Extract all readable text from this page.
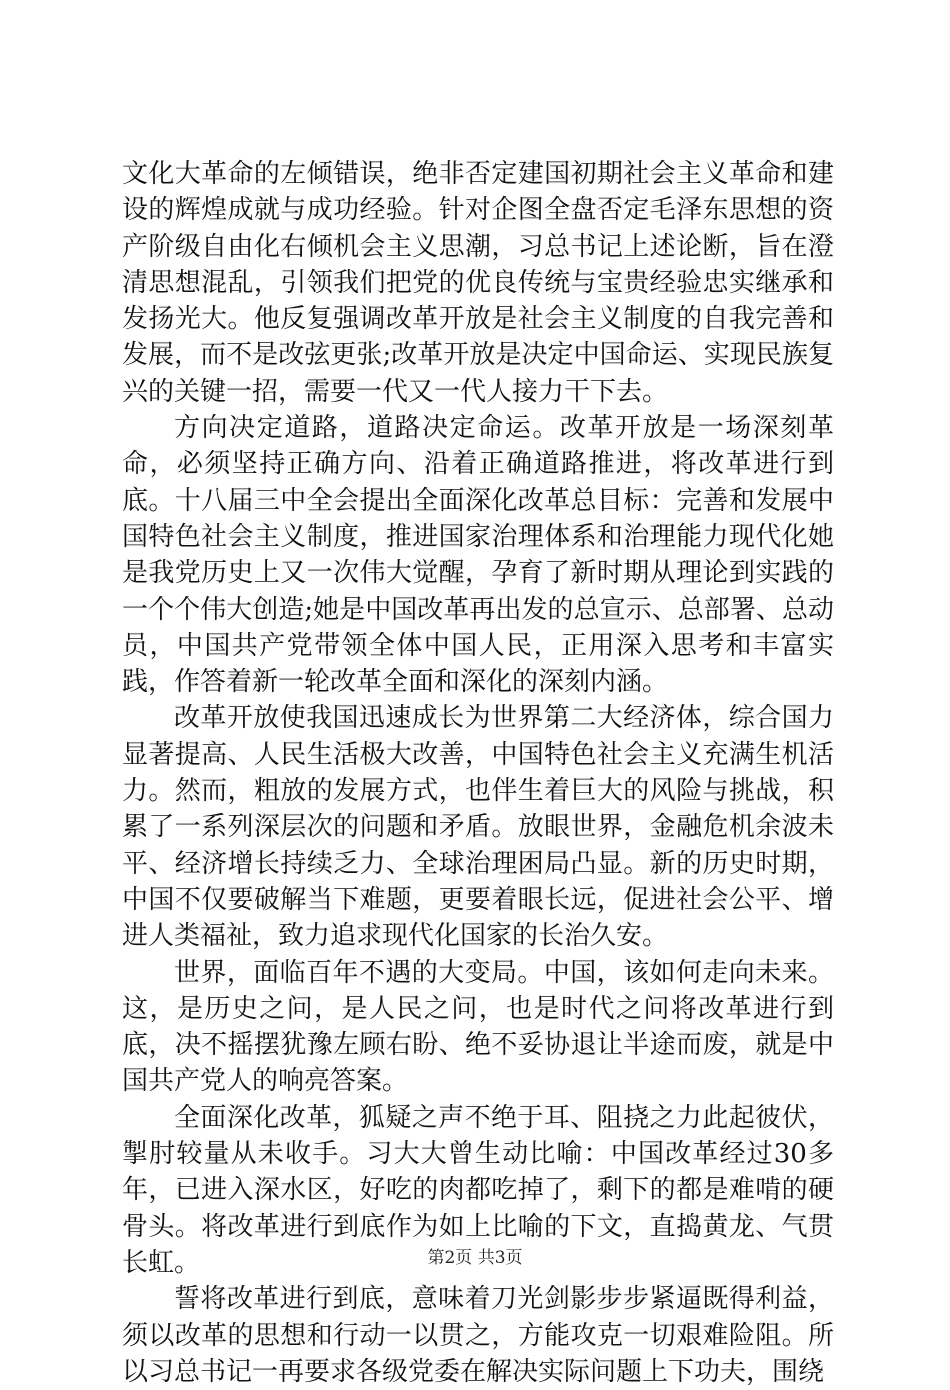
文化大革命的左倾错误，绝非否定建国初期社会主义革命和建设的辉煌成就与成功经验。针对企图全盘否定毛泽东思想的资产阶级自由化右倾机会主义思潮，习总书记上述论断，旨在澄清思想混乱，引领我们把党的优良传统与宝贵经验忠实继承和发扬光大。他反复强调改革开放是社会主义制度的自我完善和发展，而不是改弦更张;改革开放是决定中国命运、实现民族复兴的关键一招，需要一代又一代人接力干下去。

方向决定道路，道路决定命运。改革开放是一场深刻革命，必须坚持正确方向、沿着正确道路推进，将改革进行到底。十八届三中全会提出全面深化改革总目标：完善和发展中国特色社会主义制度，推进国家治理体系和治理能力现代化她是我党历史上又一次伟大觉醒，孕育了新时期从理论到实践的一个个伟大创造;她是中国改革再出发的总宣示、总部署、总动员，中国共产党带领全体中国人民，正用深入思考和丰富实践，作答着新一轮改革全面和深化的深刻内涵。

改革开放使我国迅速成长为世界第二大经济体，综合国力显著提高、人民生活极大改善，中国特色社会主义充满生机活力。然而，粗放的发展方式，也伴生着巨大的风险与挑战，积累了一系列深层次的问题和矛盾。放眼世界，金融危机余波未平、经济增长持续乏力、全球治理困局凸显。新的历史时期，中国不仅要破解当下难题，更要着眼长远，促进社会公平、增进人类福祉，致力追求现代化国家的长治久安。

世界，面临百年不遇的大变局。中国，该如何走向未来。这，是历史之问，是人民之问，也是时代之问将改革进行到底，决不摇摆犹豫左顾右盼、绝不妥协退让半途而废，就是中国共产党人的响亮答案。

全面深化改革，狐疑之声不绝于耳、阻挠之力此起彼伏，掣肘较量从未收手。习大大曾生动比喻：中国改革经过30多年，已进入深水区，好吃的肉都吃掉了，剩下的都是难啃的硬骨头。将改革进行到底作为如上比喻的下文，直捣黄龙、气贯长虹。

誓将改革进行到底，意味着刀光剑影步步紧逼既得利益，须以改革的思想和行动一以贯之，方能攻克一切艰难险阻。所以习总书记一再要求各级党委在解决实际问题上下功夫，围绕

第2页 共3页
